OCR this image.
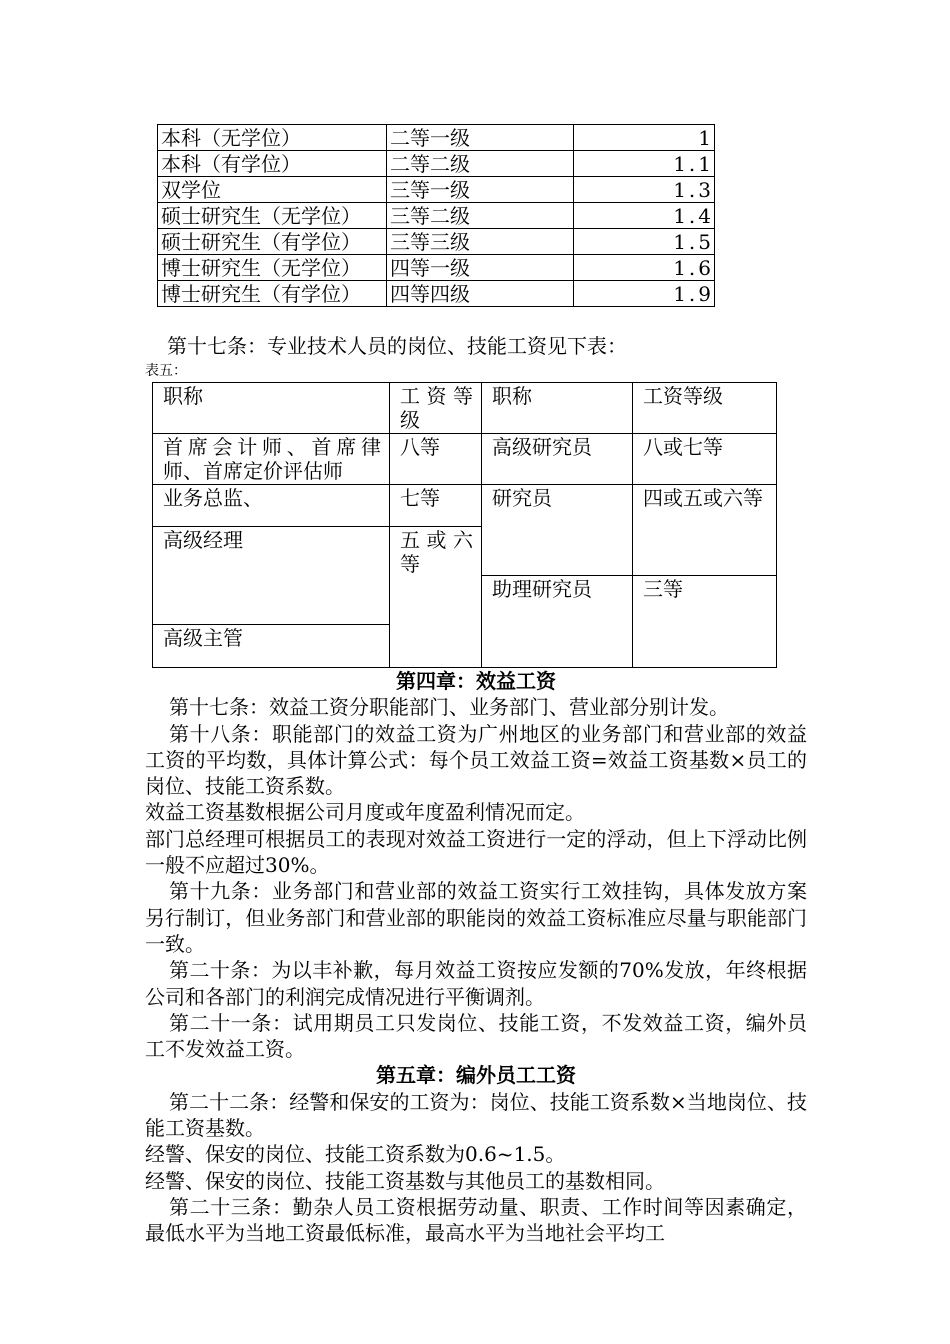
本科（无学位）	二等一级	1
本科（有学位）	二等二级	1.1
双学位	三等一级	1.3
硕士研究生（无学位）	三等二级	1.4
硕士研究生（有学位）	三等三级	1.5
博士研究生（无学位）	四等一级	1.6
博士研究生（有学位）	四等四级	1.9
第十七条：专业技术人员的岗位、技能工资见下表：
表五：
职称	工资等级	职称	工资等级
首席会计师、首席律师、首席定价评估师	八等	高级研究员	八或七等
业务总监、	七等	研究员	四或五或六等
高级经理	五或六等		
		助理研究员	三等
高级主管			
第四章：效益工资

第十七条：效益工资分职能部门、业务部门、营业部分别计发。

第十八条：职能部门的效益工资为广州地区的业务部门和营业部的效益工资的平均数，具体计算公式：每个员工效益工资=效益工资基数×员工的岗位、技能工资系数。

效益工资基数根据公司月度或年度盈利情况而定。

部门总经理可根据员工的表现对效益工资进行一定的浮动，但上下浮动比例一般不应超过30%。

第十九条：业务部门和营业部的效益工资实行工效挂钩，具体发放方案另行制订，但业务部门和营业部的职能岗的效益工资标准应尽量与职能部门一致。

第二十条：为以丰补歉，每月效益工资按应发额的70%发放，年终根据公司和各部门的利润完成情况进行平衡调剂。

第二十一条：试用期员工只发岗位、技能工资，不发效益工资，编外员工不发效益工资。

第五章：编外员工工资

第二十二条：经警和保安的工资为：岗位、技能工资系数×当地岗位、技能工资基数。

经警、保安的岗位、技能工资系数为0.6~1.5。

经警、保安的岗位、技能工资基数与其他员工的基数相同。

第二十三条：勤杂人员工资根据劳动量、职责、工作时间等因素确定，最低水平为当地工资最低标准，最高水平为当地社会平均工
